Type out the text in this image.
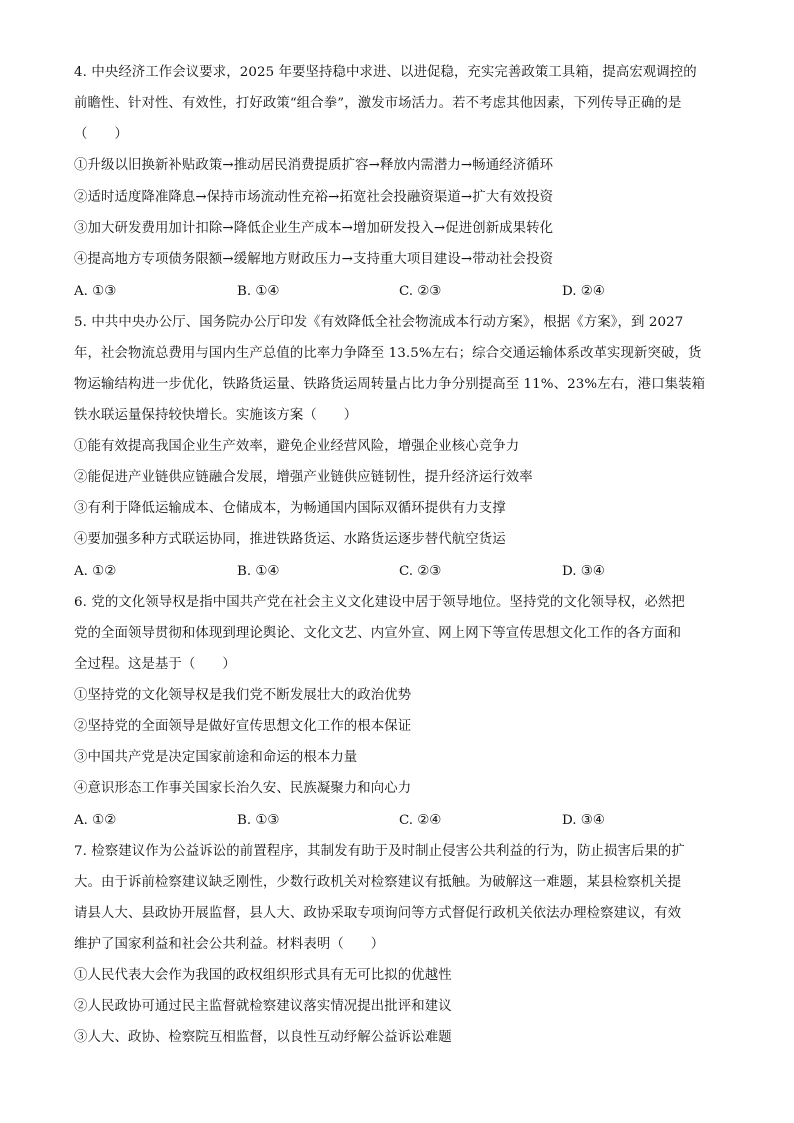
4. 中央经济工作会议要求，2025 年要坚持稳中求进、以进促稳，充实完善政策工具箱，提高宏观调控的
前瞻性、针对性、有效性，打好政策“组合拳”，激发市场活力。若不考虑其他因素，下列传导正确的是
（　　）
①升级以旧换新补贴政策→推动居民消费提质扩容→释放内需潜力→畅通经济循环
②适时适度降准降息→保持市场流动性充裕→拓宽社会投融资渠道→扩大有效投资
③加大研发费用加计扣除→降低企业生产成本→增加研发投入→促进创新成果转化
④提高地方专项债务限额→缓解地方财政压力→支持重大项目建设→带动社会投资
A. ①③	B. ①④	C. ②③	D. ②④
5. 中共中央办公厅、国务院办公厅印发《有效降低全社会物流成本行动方案》，根据《方案》，到 2027
年，社会物流总费用与国内生产总值的比率力争降至 13.5%左右；综合交通运输体系改革实现新突破，货
物运输结构进一步优化，铁路货运量、铁路货运周转量占比力争分别提高至 11%、23%左右，港口集装箱
铁水联运量保持较快增长。实施该方案（　　）
①能有效提高我国企业生产效率，避免企业经营风险，增强企业核心竞争力
②能促进产业链供应链融合发展，增强产业链供应链韧性，提升经济运行效率
③有利于降低运输成本、仓储成本，为畅通国内国际双循环提供有力支撑
④要加强多种方式联运协同，推进铁路货运、水路货运逐步替代航空货运
A. ①②	B. ①④	C. ②③	D. ③④
6. 党的文化领导权是指中国共产党在社会主义文化建设中居于领导地位。坚持党的文化领导权，必然把
党的全面领导贯彻和体现到理论舆论、文化文艺、内宣外宣、网上网下等宣传思想文化工作的各方面和
全过程。这是基于（　　）
①坚持党的文化领导权是我们党不断发展壮大的政治优势
②坚持党的全面领导是做好宣传思想文化工作的根本保证
③中国共产党是决定国家前途和命运的根本力量
④意识形态工作事关国家长治久安、民族凝聚力和向心力
A. ①②	B. ①③	C. ②④	D. ③④
7. 检察建议作为公益诉讼的前置程序，其制发有助于及时制止侵害公共利益的行为，防止损害后果的扩
大。由于诉前检察建议缺乏刚性，少数行政机关对检察建议有抵触。为破解这一难题，某县检察机关提
请县人大、县政协开展监督，县人大、政协采取专项询问等方式督促行政机关依法办理检察建议，有效
维护了国家利益和社会公共利益。材料表明（　　）
①人民代表大会作为我国的政权组织形式具有无可比拟的优越性
②人民政协可通过民主监督就检察建议落实情况提出批评和建议
③人大、政协、检察院互相监督，以良性互动纾解公益诉讼难题
